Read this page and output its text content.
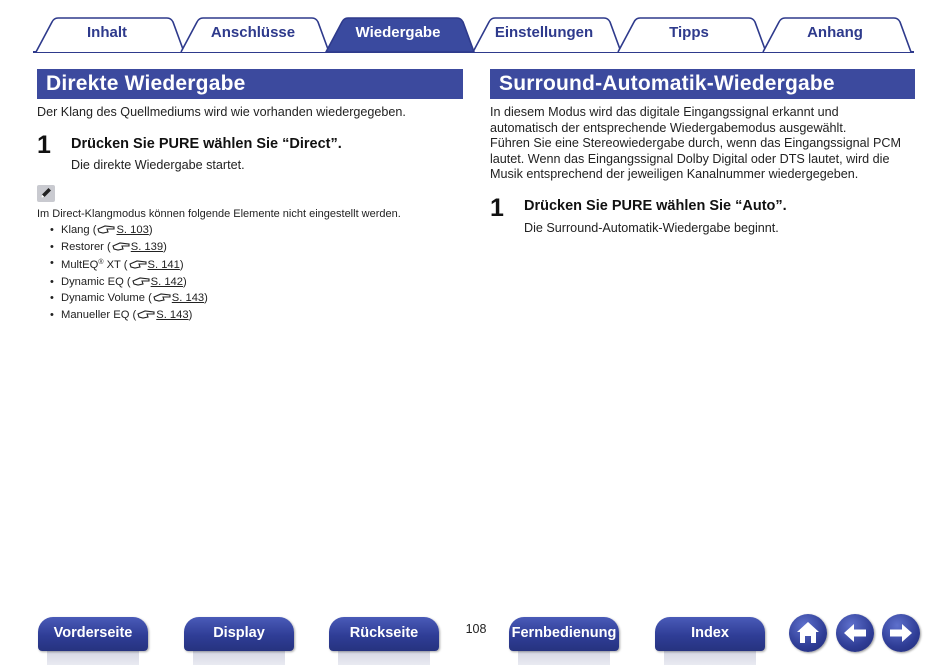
Inhalt	Anschlüsse	Wiedergabe	Einstellungen	Tipps	Anhang
Direkte Wiedergabe
Der Klang des Quellmediums wird wie vorhanden wiedergegeben.
1 Drücken Sie PURE wählen Sie “Direct”.
Die direkte Wiedergabe startet.
Im Direct-Klangmodus können folgende Elemente nicht eingestellt werden.
• Klang ( S. 103)
• Restorer ( S. 139)
• MultEQ® XT ( S. 141)
• Dynamic EQ ( S. 142)
• Dynamic Volume ( S. 143)
• Manueller EQ ( S. 143)
Surround-Automatik-Wiedergabe
In diesem Modus wird das digitale Eingangssignal erkannt und
automatisch der entsprechende Wiedergabemodus ausgewählt.
Führen Sie eine Stereowiedergabe durch, wenn das Eingangssignal PCM
lautet. Wenn das Eingangssignal Dolby Digital oder DTS lautet, wird die
Musik entsprechend der jeweiligen Kanalnummer wiedergegeben.
1 Drücken Sie PURE wählen Sie “Auto”.
Die Surround-Automatik-Wiedergabe beginnt.
Vorderseite	Display	Rückseite	108 Fernbedienung	Index
